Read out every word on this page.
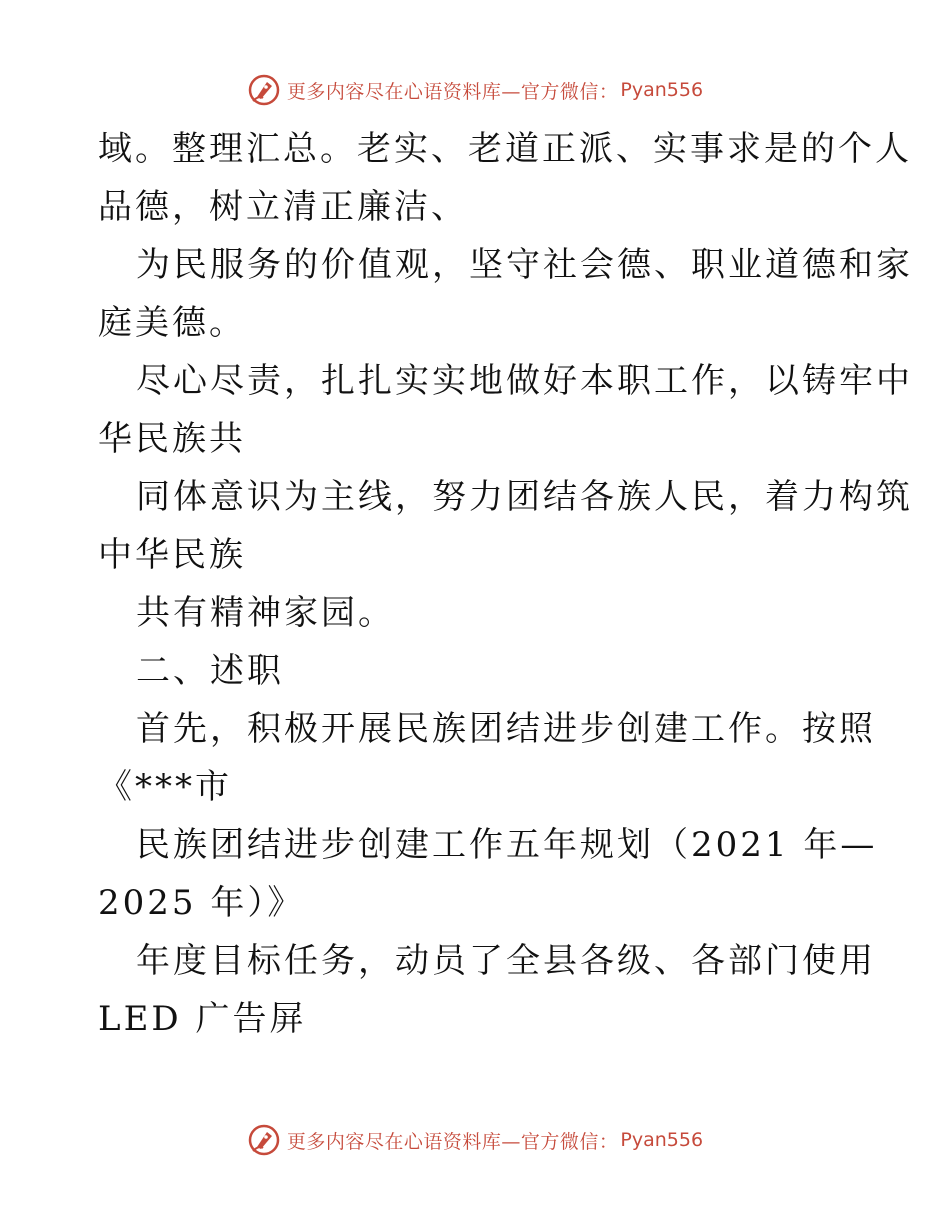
更多内容尽在心语资料库—官方微信： Pyan556
域。整理汇总。老实、老道正派、实事求是的个人
品德，树立清正廉洁、
为民服务的价值观，坚守社会德、职业道德和家
庭美德。
尽心尽责，扎扎实实地做好本职工作，以铸牢中
华民族共
同体意识为主线，努力团结各族人民，着力构筑
中华民族
共有精神家园。
二、述职
首先，积极开展民族团结进步创建工作。按照
《***市
民族团结进步创建工作五年规划（2021 年—
2025 年）》
年度目标任务，动员了全县各级、各部门使用
LED 广告屏
更多内容尽在心语资料库—官方微信： Pyan556
